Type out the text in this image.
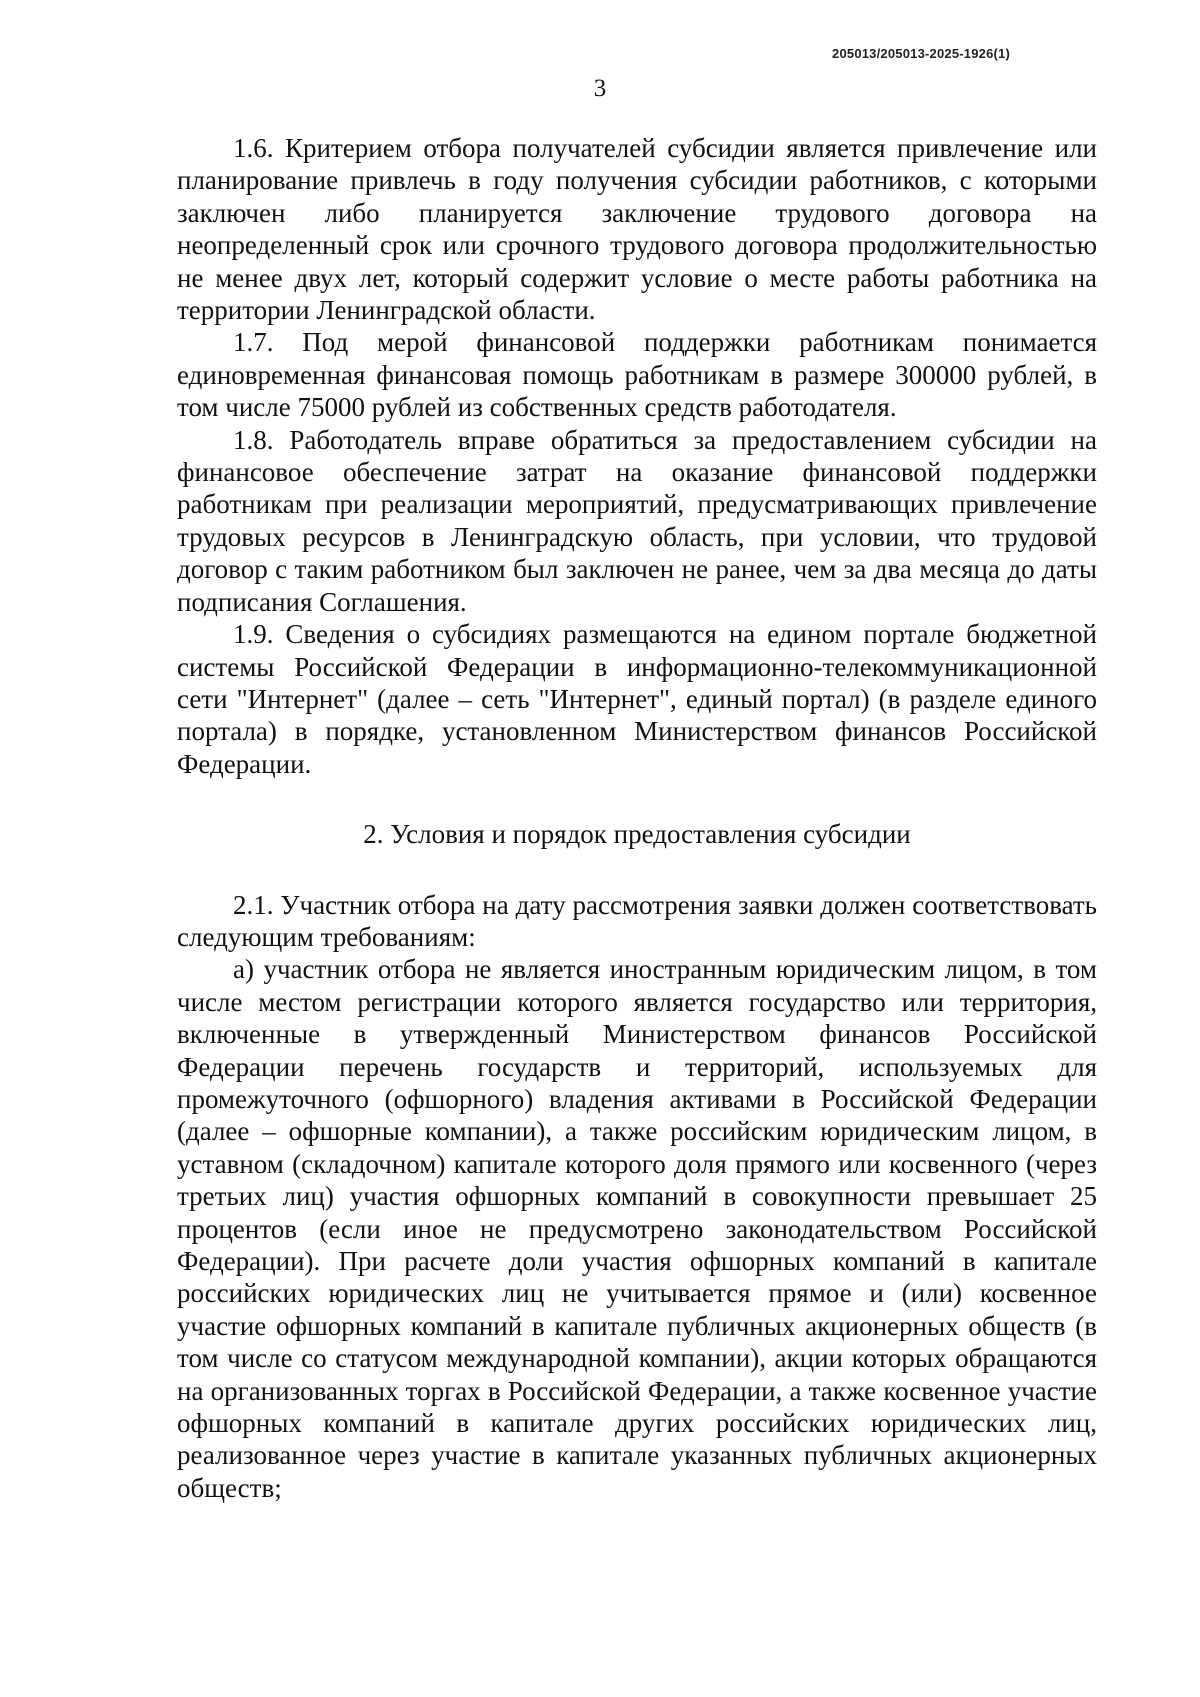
205013/205013-2025-1926(1)
3

1.6. Критерием отбора получателей субсидии является привлечение или планирование привлечь в году получения субсидии работников, с которыми заключен либо планируется заключение трудового договора на неопределенный срок или срочного трудового договора продолжительностью не менее двух лет, который содержит условие о месте работы работника на территории Ленинградской области.

1.7. Под мерой финансовой поддержки работникам понимается единовременная финансовая помощь работникам в размере 300000 рублей, в том числе 75000 рублей из собственных средств работодателя.

1.8. Работодатель вправе обратиться за предоставлением субсидии на финансовое обеспечение затрат на оказание финансовой поддержки работникам при реализации мероприятий, предусматривающих привлечение трудовых ресурсов в Ленинградскую область, при условии, что трудовой договор с таким работником был заключен не ранее, чем за два месяца до даты подписания Соглашения.

1.9. Сведения о субсидиях размещаются на едином портале бюджетной системы Российской Федерации в информационно-телекоммуникационной сети "Интернет" (далее – сеть "Интернет", единый портал) (в разделе единого портала) в порядке, установленном Министерством финансов Российской Федерации.

2. Условия и порядок предоставления субсидии

2.1. Участник отбора на дату рассмотрения заявки должен соответствовать следующим требованиям:

а) участник отбора не является иностранным юридическим лицом, в том числе местом регистрации которого является государство или территория, включенные в утвержденный Министерством финансов Российской Федерации перечень государств и территорий, используемых для промежуточного (офшорного) владения активами в Российской Федерации (далее – офшорные компании), а также российским юридическим лицом, в уставном (складочном) капитале которого доля прямого или косвенного (через третьих лиц) участия офшорных компаний в совокупности превышает 25 процентов (если иное не предусмотрено законодательством Российской Федерации). При расчете доли участия офшорных компаний в капитале российских юридических лиц не учитывается прямое и (или) косвенное участие офшорных компаний в капитале публичных акционерных обществ (в том числе со статусом международной компании), акции которых обращаются на организованных торгах в Российской Федерации, а также косвенное участие офшорных компаний в капитале других российских юридических лиц, реализованное через участие в капитале указанных публичных акционерных обществ;
